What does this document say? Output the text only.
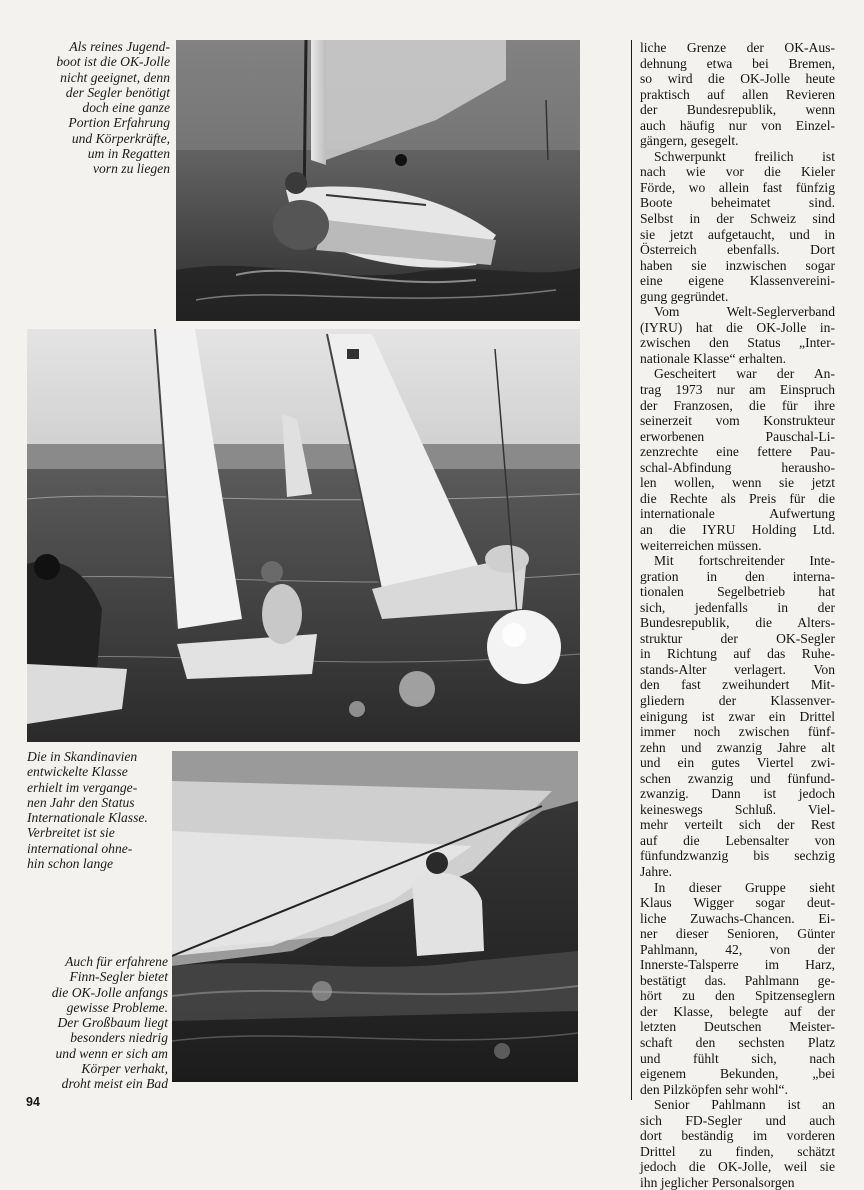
Als reines Jugend-
boot ist die OK-Jolle
nicht geeignet, denn
der Segler benötigt
doch eine ganze
Portion Erfahrung
und Körperkräfte,
um in Regatten
vorn zu liegen
Die in Skandinavien
entwickelte Klasse
erhielt im vergange-
nen Jahr den Status
Internationale Klasse.
Verbreitet ist sie
international ohne-
hin schon lange
Auch für erfahrene
Finn-Segler bietet
die OK-Jolle anfangs
gewisse Probleme.
Der Großbaum liegt
besonders niedrig
und wenn er sich am
Körper verhakt,
droht meist ein Bad

liche Grenze der OK-Aus-
dehnung etwa bei Bremen,
so wird die OK-Jolle heute
praktisch auf allen Revieren
der Bundesrepublik, wenn
auch häufig nur von Einzel-
gängern, gesegelt.

Schwerpunkt freilich ist
nach wie vor die Kieler
Förde, wo allein fast fünfzig
Boote beheimatet sind.
Selbst in der Schweiz sind
sie jetzt aufgetaucht, und in
Österreich ebenfalls. Dort
haben sie inzwischen sogar
eine eigene Klassenvereini-
gung gegründet.

Vom Welt-Seglerverband
(IYRU) hat die OK-Jolle in-
zwischen den Status „Inter-
nationale Klasse“ erhalten.

Gescheitert war der An-
trag 1973 nur am Einspruch
der Franzosen, die für ihre
seinerzeit vom Konstrukteur
erworbenen Pauschal-Li-
zenzrechte eine fettere Pau-
schal-Abfindung heraushо-
len wollen, wenn sie jetzt
die Rechte als Preis für die
internationale Aufwertung
an die IYRU Holding Ltd.
weiterreichen müssen.

Mit fortschreitender Inte-
gration in den interna-
tionalen Segelbetrieb hat
sich, jedenfalls in der
Bundesrepublik, die Alters-
struktur der OK-Segler
in Richtung auf das Ruhe-
stands-Alter verlagert. Von
den fast zweihundert Mit-
gliedern der Klassenver-
einigung ist zwar ein Drittel
immer noch zwischen fünf-
zehn und zwanzig Jahre alt
und ein gutes Viertel zwi-
schen zwanzig und fünfund-
zwanzig. Dann ist jedoch
keineswegs Schluß. Viel-
mehr verteilt sich der Rest
auf die Lebensalter von
fünfundzwanzig bis sechzig
Jahre.

In dieser Gruppe sieht
Klaus Wigger sogar deut-
liche Zuwachs-Chancen. Ei-
ner dieser Senioren, Günter
Pahlmann, 42, von der
Innerste-Talsperre im Harz,
bestätigt das. Pahlmann ge-
hört zu den Spitzenseglern
der Klasse, belegte auf der
letzten Deutschen Meister-
schaft den sechsten Platz
und fühlt sich, nach
eigenem Bekunden, „bei
den Pilzköpfen sehr wohl“.

Senior Pahlmann ist an
sich FD-Segler und auch
dort beständig im vorderen
Drittel zu finden, schätzt
jedoch die OK-Jolle, weil sie
ihn jeglicher Personalsorgen

94
